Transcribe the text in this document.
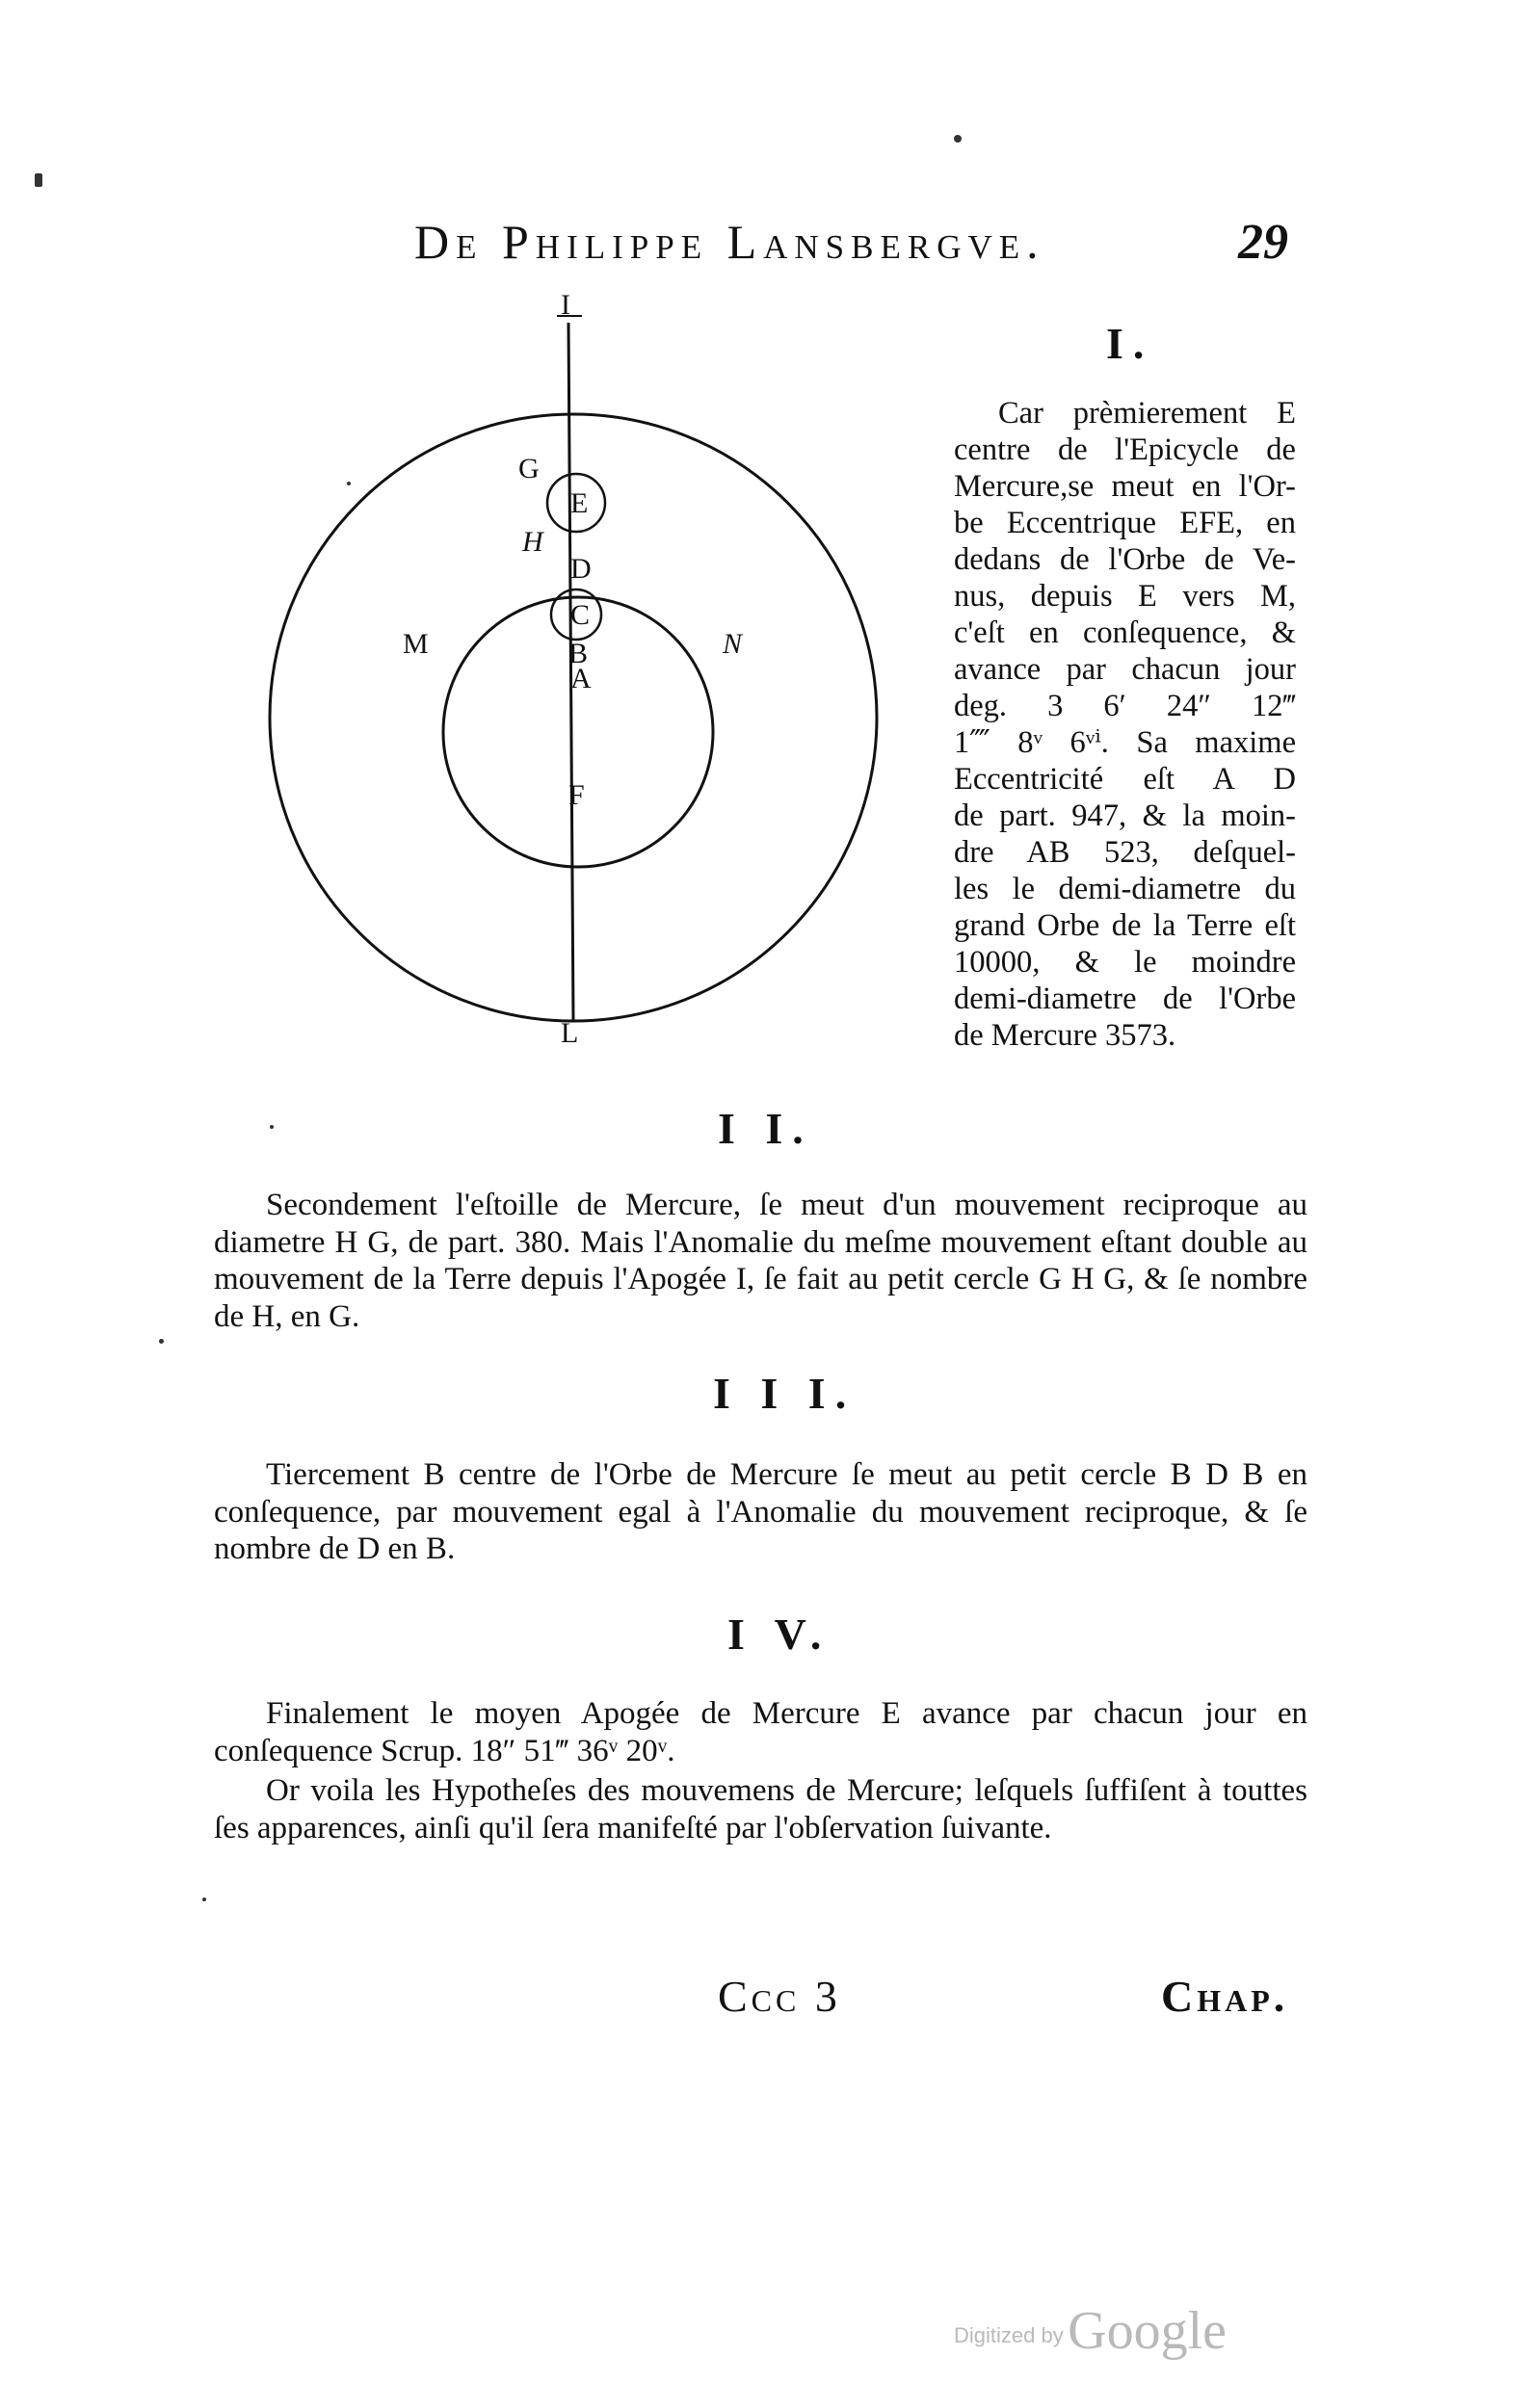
De Philippe Lansbergve.	29
I
L
M	N
G
H
E
D
C
B
A
F
I.
Car prèmierement E
centre de l'Epicycle de
Mercure,se meut en l'Or-
be Eccentrique EFE, en
dedans de l'Orbe de Ve-
nus, depuis E vers M,
c'eſt en conſequence, &
avance par chacun jour
deg. 3 6′ 24″ 12‴
1⁗ 8ᵛ 6ᵛⁱ. Sa maxime
Eccentricité eſt A D
de part. 947, & la moin-
dre AB 523, deſquel-
les le demi-diametre du
grand Orbe de la Terre eſt
10000, & le moindre
demi-diametre de l'Orbe
de Mercure 3573.
I I.
Secondement l'eſtoille de Mercure, ſe meut d'un mouvement reciproque au diametre H G, de part. 380. Mais l'Anomalie du meſme mouvement eſtant double au mouvement de la Terre depuis l'Apogée I, ſe fait au petit cercle G H G, & ſe nombre de H, en G.
I I I.
Tiercement B centre de l'Orbe de Mercure ſe meut au petit cercle B D B en conſequence, par mouvement egal à l'Anomalie du mouvement reciproque, & ſe nombre de D en B.
I V.
Finalement le moyen Apogée de Mercure E avance par chacun jour en conſequence Scrup. 18″ 51‴ 36ᵛ 20ᵛ.
Or voila les Hypotheſes des mouvemens de Mercure; leſquels ſuffiſent à touttes ſes apparences, ainſi qu'il ſera manifeſté par l'obſervation ſuivante.
Ccc 3	Chap.
Digitized by Google
